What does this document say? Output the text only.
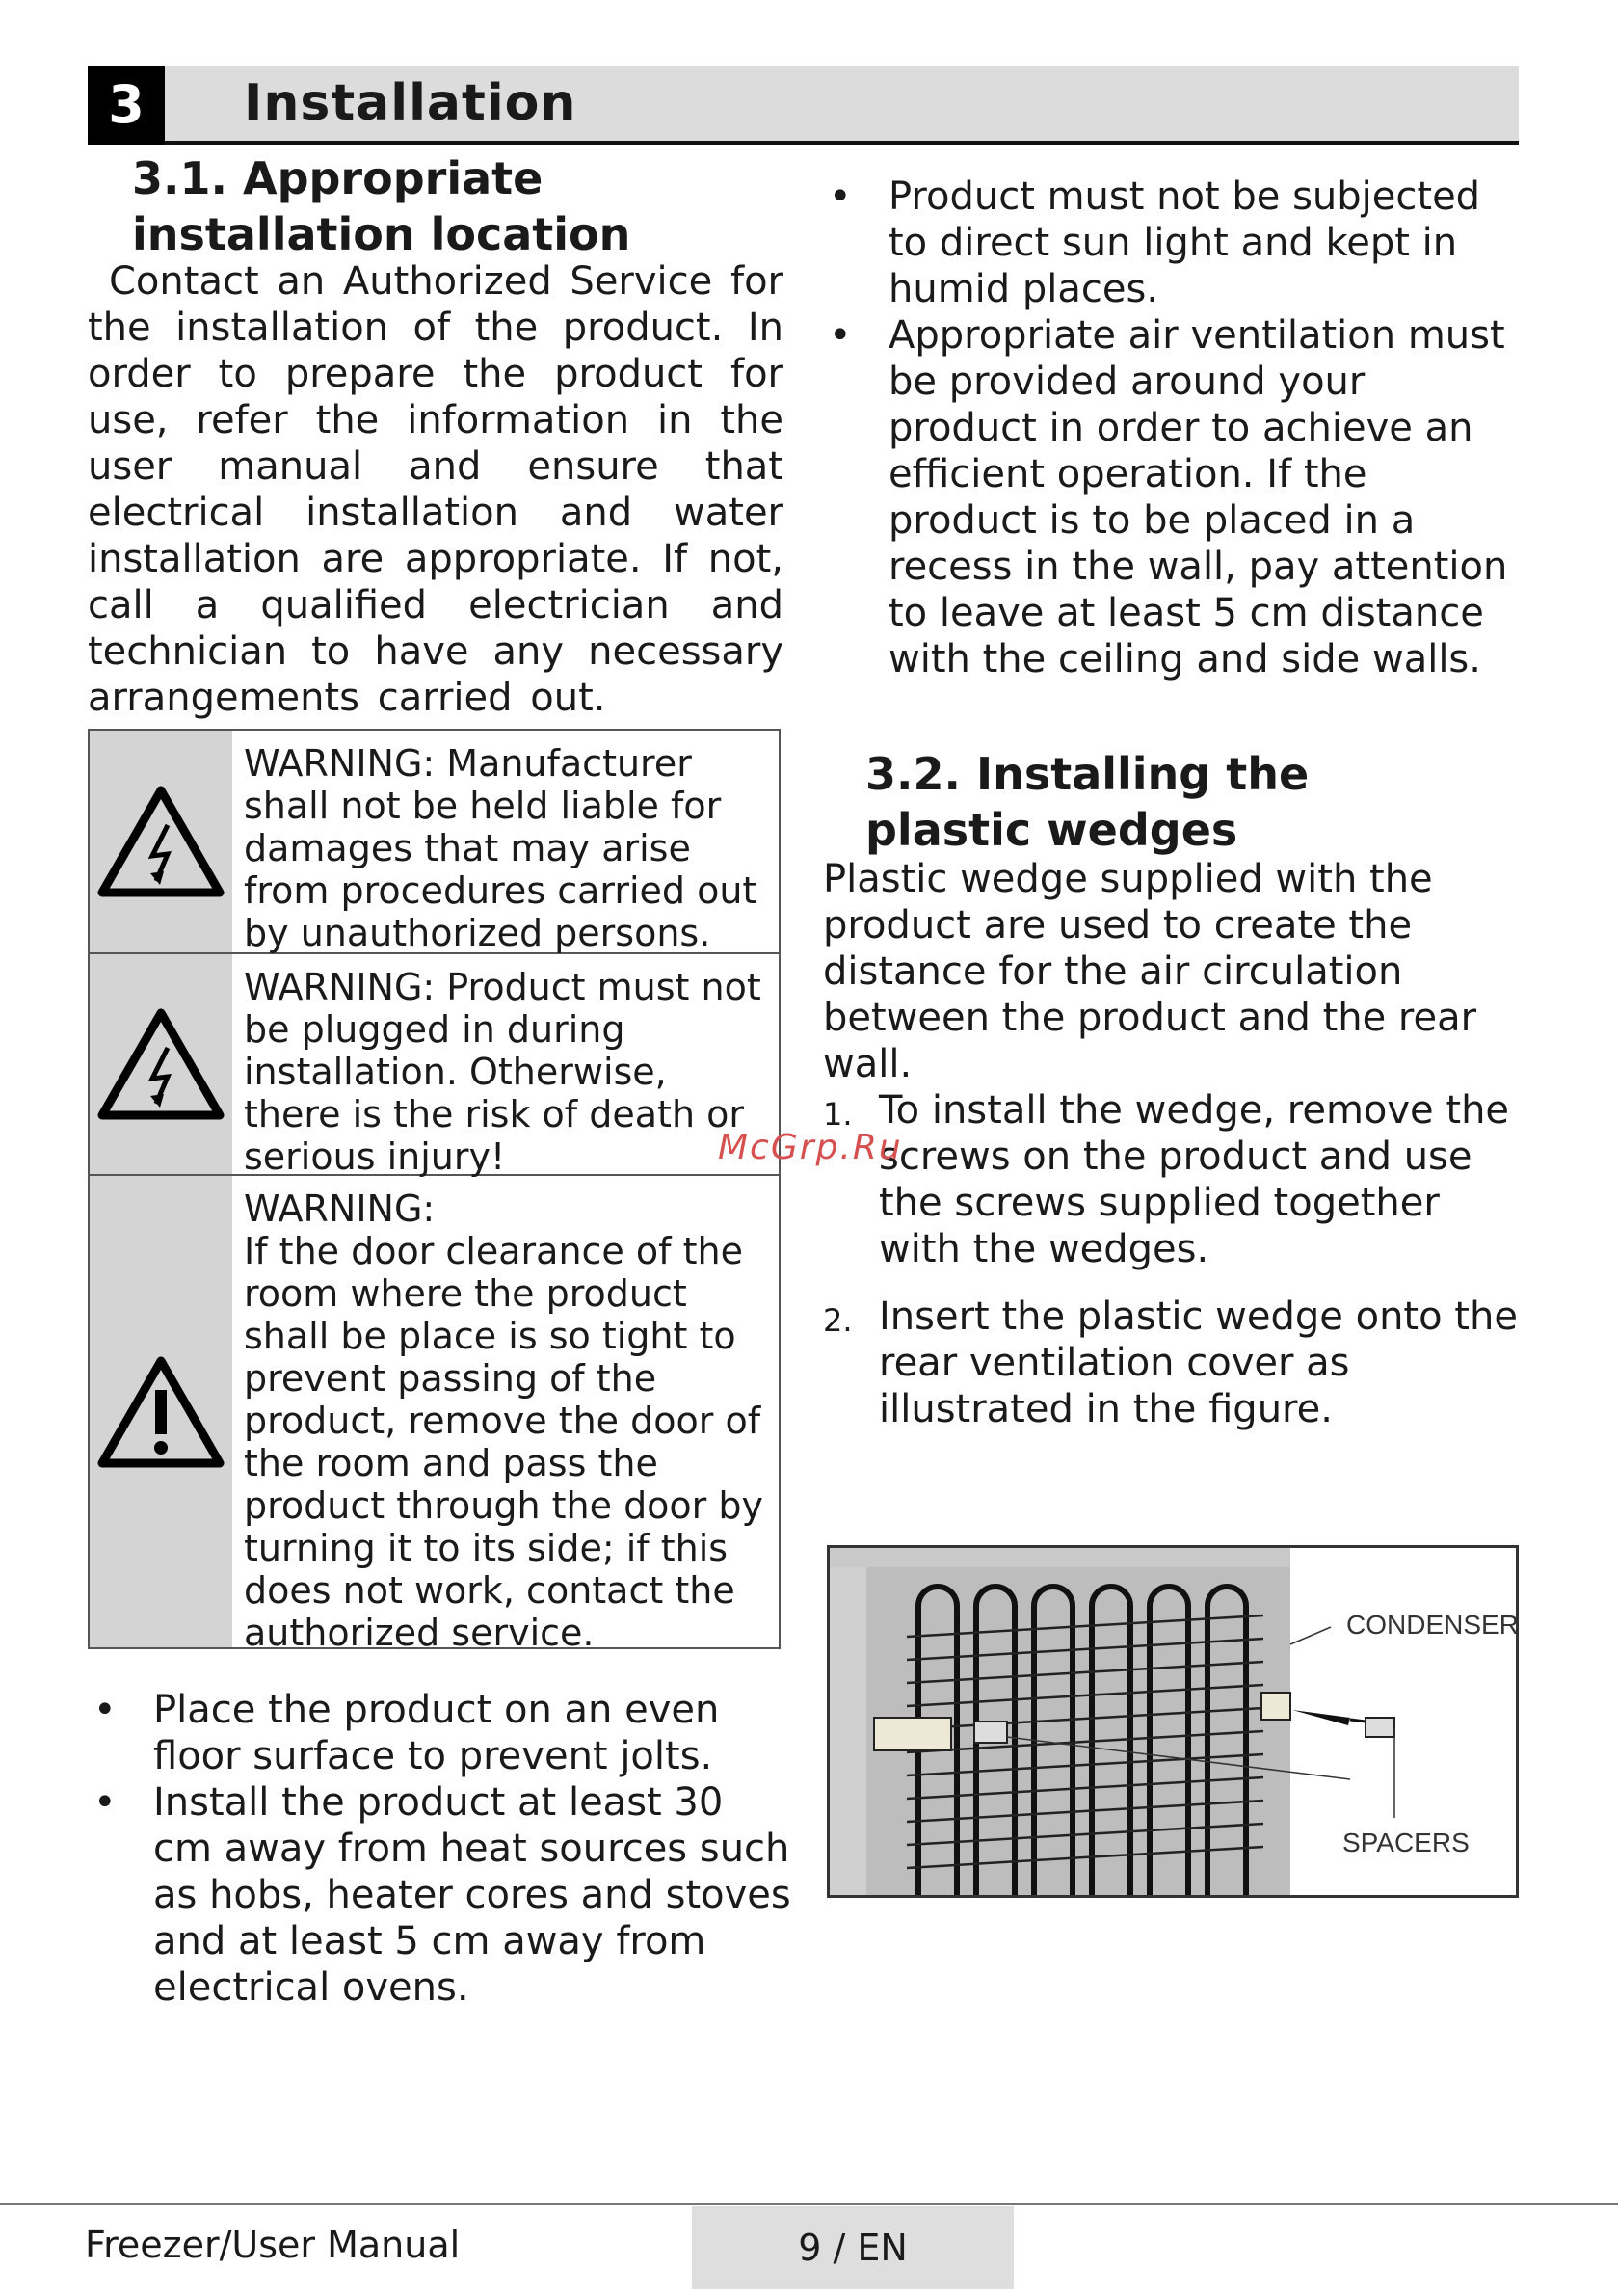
3	Installation

3.1. Appropriate

installation location

Contact an Authorized Service for the installation of the product. In order to prepare the product for use, refer the information in the user manual and ensure that electrical installation and water installation are appropriate. If not, call a qualified electrician and technician to have any necessary arrangements carried out.

WARNING: Manufacturer shall not be held liable for damages that may arise from procedures carried out by unauthorized persons.
WARNING: Product must not be plugged in during installation. Otherwise, there is the risk of death or serious injury!
WARNING:
If the door clearance of the room where the product shall be place is so tight to prevent passing of the product, remove the door of the room and pass the product through the door by turning it to its side; if this does not work, contact the authorized service.
• Place the product on an even floor surface to prevent jolts.
• Install the product at least 30 cm away from heat sources such as hobs, heater cores and stoves and at least 5 cm away from electrical ovens.
• Product must not be subjected to direct sun light and kept in humid places.
• Appropriate air ventilation must be provided around your product in order to achieve an efficient operation. If the product is to be placed in a recess in the wall, pay attention to leave at least 5 cm distance with the ceiling and side walls.

3.2. Installing the

plastic wedges

Plastic wedge supplied with the product are used to create the distance for the air circulation between the product and the rear wall.

1. To install the wedge, remove the screws on the product and use the screws supplied together with the wedges.
2. Insert the plastic wedge onto the rear ventilation cover as illustrated in the figure.
McGrp.Ru
CONDENSER
SPACERS
Freezer/User Manual	9 / EN
